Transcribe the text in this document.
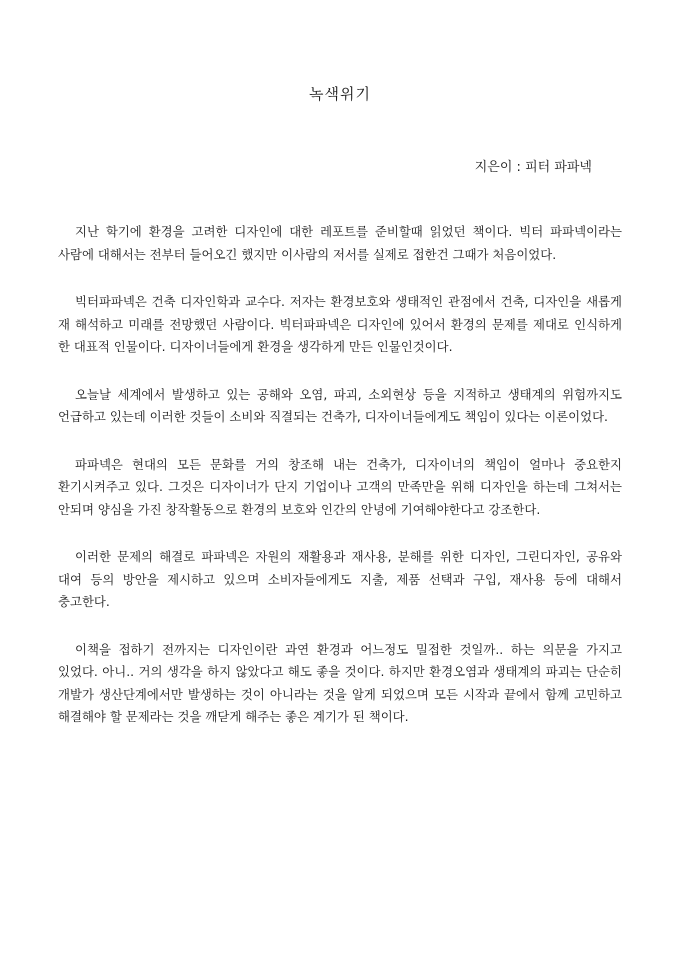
녹색위기
지은이 : 피터 파파넥

지난 학기에 환경을 고려한 디자인에 대한 레포트를 준비할때 읽었던 책이다. 빅터 파파넥이라는 사람에 대해서는 전부터 들어오긴 했지만 이사람의 저서를 실제로 접한건 그때가 처음이었다.

빅터파파넥은 건축 디자인학과 교수다. 저자는 환경보호와 생태적인 관점에서 건축, 디자인을 새롭게 재 해석하고 미래를 전망했던 사람이다. 빅터파파넥은 디자인에 있어서 환경의 문제를 제대로 인식하게 한 대표적 인물이다. 디자이너들에게 환경을 생각하게 만든 인물인것이다.

오늘날 세계에서 발생하고 있는 공해와 오염, 파괴, 소외현상 등을 지적하고 생태계의 위험까지도 언급하고 있는데 이러한 것들이 소비와 직결되는 건축가, 디자이너들에게도 책임이 있다는 이론이었다.

파파넥은 현대의 모든 문화를 거의 창조해 내는 건축가, 디자이너의 책임이 얼마나 중요한지 환기시켜주고 있다. 그것은 디자이너가 단지 기업이나 고객의 만족만을 위해 디자인을 하는데 그쳐서는 안되며 양심을 가진 창작활동으로 환경의 보호와 인간의 안녕에 기여해야한다고 강조한다.

이러한 문제의 해결로 파파넥은 자원의 재활용과 재사용, 분해를 위한 디자인, 그린디자인, 공유와 대여 등의 방안을 제시하고 있으며 소비자들에게도 지출, 제품 선택과 구입, 재사용 등에 대해서 충고한다.

이책을 접하기 전까지는 디자인이란 과연 환경과 어느정도 밀접한 것일까.. 하는 의문을 가지고 있었다. 아니.. 거의 생각을 하지 않았다고 해도 좋을 것이다. 하지만 환경오염과 생태계의 파괴는 단순히 개발가 생산단계에서만 발생하는 것이 아니라는 것을 알게 되었으며 모든 시작과 끝에서 함께 고민하고 해결해야 할 문제라는 것을 깨닫게 해주는 좋은 계기가 된 책이다.
